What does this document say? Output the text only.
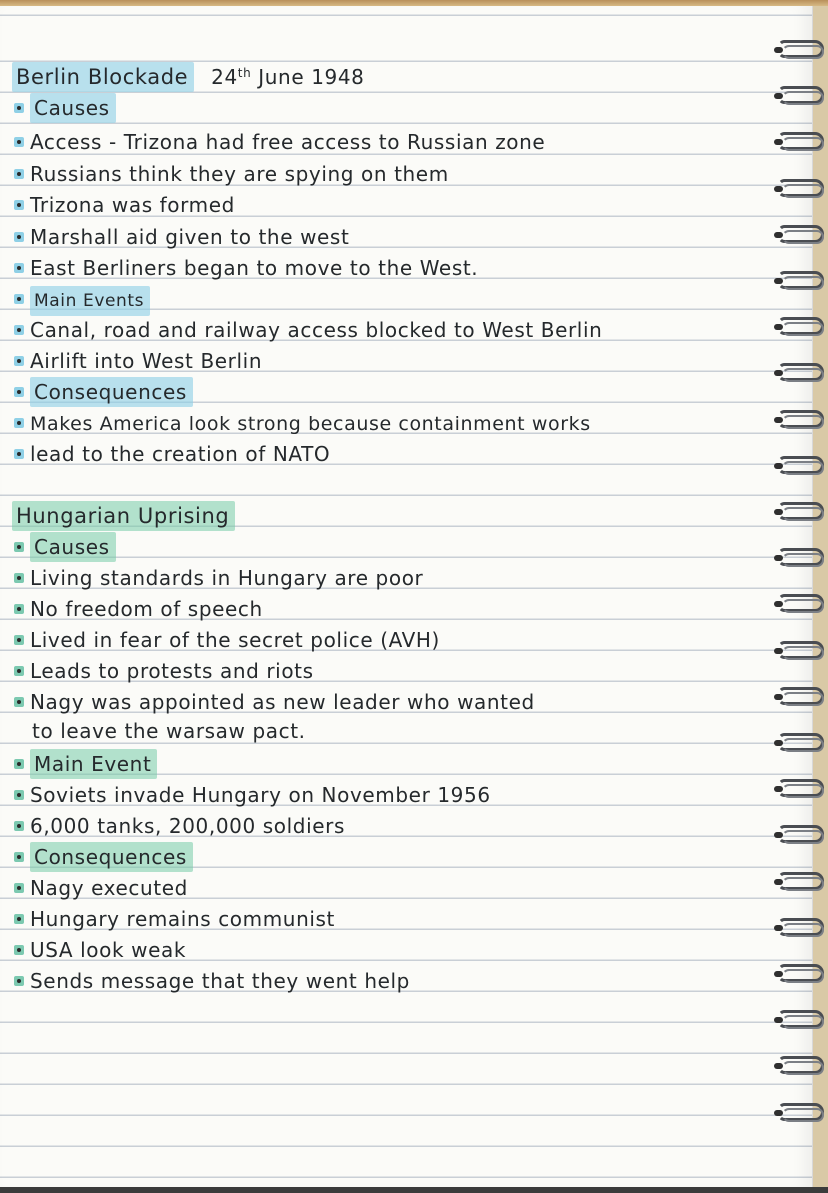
Berlin Blockade 24th June 1948
Causes
Access - Trizona had free access to Russian zone
Russians think they are spying on them
Trizona was formed
Marshall aid given to the west
East Berliners began to move to the West.
Main Events
Canal, road and railway access blocked to West Berlin
Airlift into West Berlin
Consequences
Makes America look strong because containment works
lead to the creation of NATO
Hungarian Uprising
Causes
Living standards in Hungary are poor
No freedom of speech
Lived in fear of the secret police (AVH)
Leads to protests and riots
Nagy was appointed as new leader who wanted
to leave the warsaw pact.
Main Event
Soviets invade Hungary on November 1956
6,000 tanks, 200,000 soldiers
Consequences
Nagy executed
Hungary remains communist
USA look weak
Sends message that they went help
